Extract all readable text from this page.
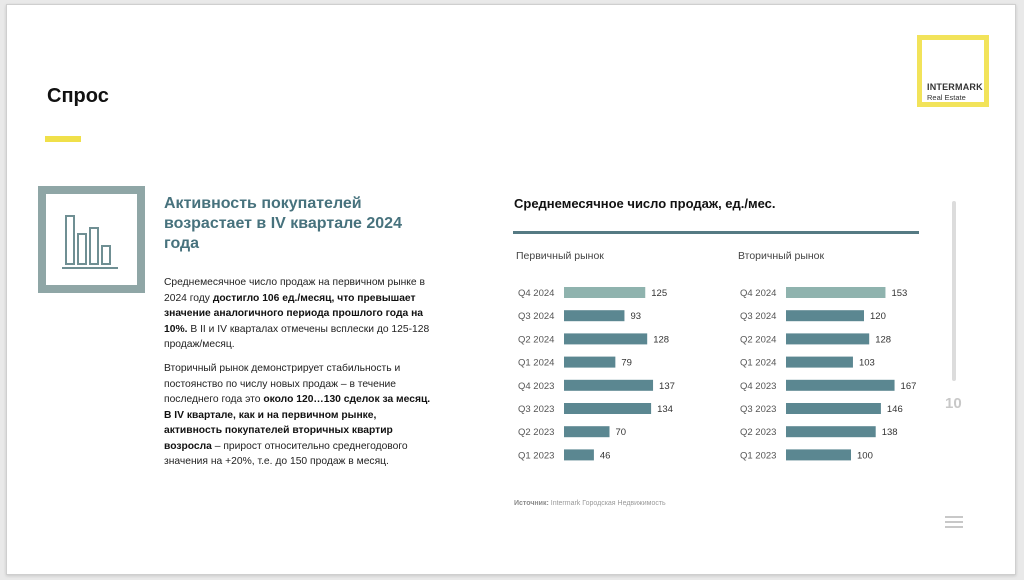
Спрос	INTERMARK
Real Estate
Активность покупателей возрастает в IV квартале 2024 года
Среднемесячное число продаж на первичном рынке в 2024 году достигло 106 ед./месяц, что превышает значение аналогичного периода прошлого года на 10%. В II и IV кварталах отмечены всплески до 125-128 продаж/месяц.
Вторичный рынок демонстрирует стабильность и постоянство по числу новых продаж – в течение последнего года это около 120…130 сделок за месяц. В IV квартале, как и на первичном рынке, активность покупателей вторичных квартир возросла – прирост относительно среднегодового значения на +20%, т.е. до 150 продаж в месяц.
Среднемесячное число продаж, ед./мес.
Первичный рынок	Вторичный рынок
Q4 2024	125
Q3 2024	93
Q2 2024	128
Q1 2024	79
Q4 2023	137
Q3 2023	134
Q2 2023	70
Q1 2023	46
Q4 2024	153
Q3 2024	120
Q2 2024	128
Q1 2024	103
Q4 2023	167
Q3 2023	146
Q2 2023	138
Q1 2023	100
Источник: Intermark Городская Недвижимость
10
